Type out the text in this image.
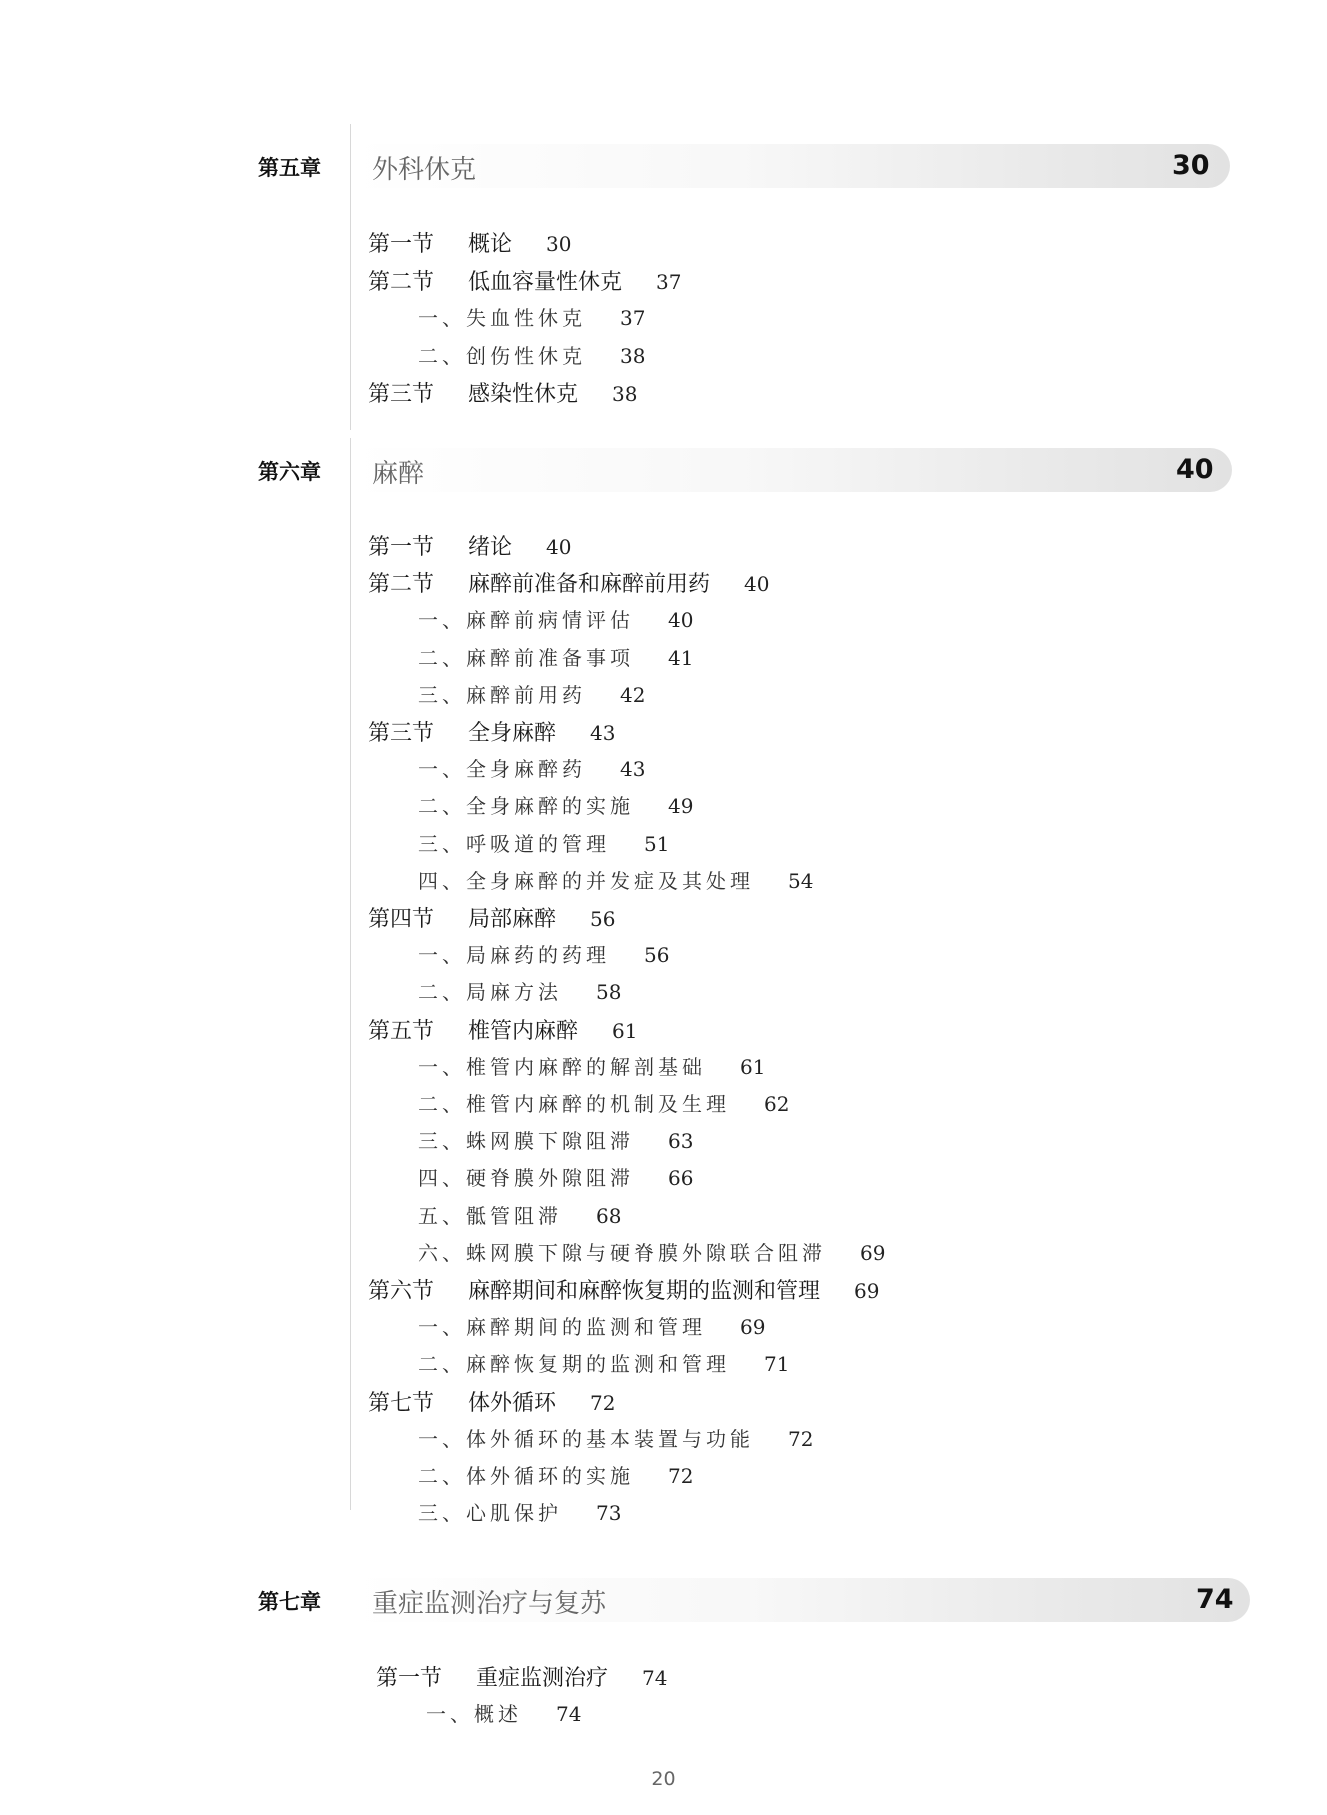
第五章 外科休克	30
第一节 概论 30
第二节 低血容量性休克 37
一、失血性休克 37
二、创伤性休克 38
第三节 感染性休克 38
第六章 麻醉	40
第一节 绪论 40
第二节 麻醉前准备和麻醉前用药 40
一、麻醉前病情评估 40
二、麻醉前准备事项 41
三、麻醉前用药 42
第三节 全身麻醉 43
一、全身麻醉药 43
二、全身麻醉的实施 49
三、呼吸道的管理 51
四、全身麻醉的并发症及其处理 54
第四节 局部麻醉 56
一、局麻药的药理 56
二、局麻方法 58
第五节 椎管内麻醉 61
一、椎管内麻醉的解剖基础 61
二、椎管内麻醉的机制及生理 62
三、蛛网膜下隙阻滞 63
四、硬脊膜外隙阻滞 66
五、骶管阻滞 68
六、蛛网膜下隙与硬脊膜外隙联合阻滞 69
第六节 麻醉期间和麻醉恢复期的监测和管理 69
一、麻醉期间的监测和管理 69
二、麻醉恢复期的监测和管理 71
第七节 体外循环 72
一、体外循环的基本装置与功能 72
二、体外循环的实施 72
三、心肌保护 73
第七章 重症监测治疗与复苏	74
第一节 重症监测治疗 74
一、概述 74
20
